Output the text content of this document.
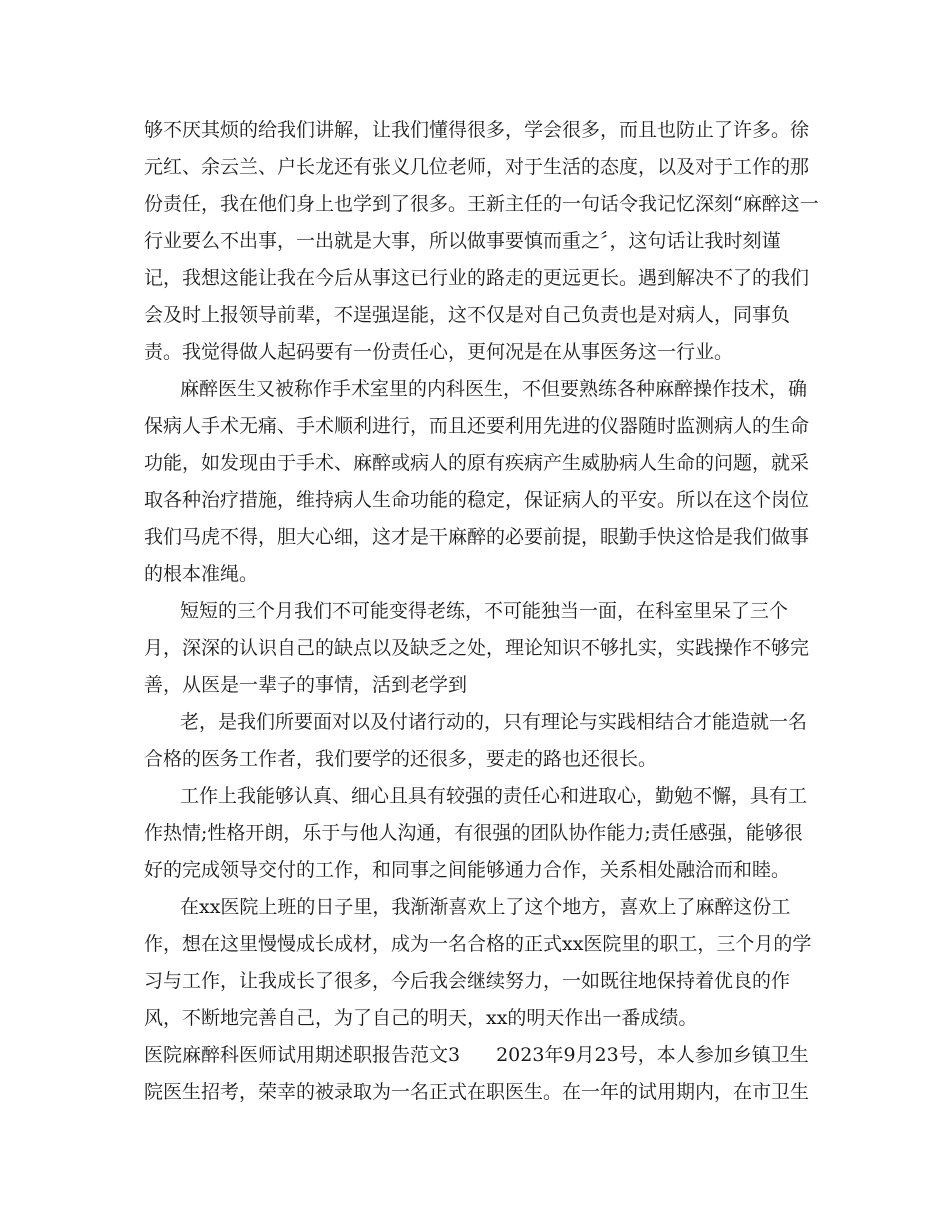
够不厌其烦的给我们讲解，让我们懂得很多，学会很多，而且也防止了许多。徐
元红、余云兰、户长龙还有张义几位老师，对于生活的态度，以及对于工作的那
份责任，我在他们身上也学到了很多。王新主任的一句话令我记忆深刻“麻醉这一
行业要么不出事，一出就是大事，所以做事要慎而重之〞，这句话让我时刻谨
记，我想这能让我在今后从事这已行业的路走的更远更长。遇到解决不了的我们
会及时上报领导前辈，不逞强逞能，这不仅是对自己负责也是对病人，同事负
责。我觉得做人起码要有一份责任心，更何况是在从事医务这一行业。
麻醉医生又被称作手术室里的内科医生，不但要熟练各种麻醉操作技术，确
保病人手术无痛、手术顺利进行，而且还要利用先进的仪器随时监测病人的生命
功能，如发现由于手术、麻醉或病人的原有疾病产生威胁病人生命的问题，就采
取各种治疗措施，维持病人生命功能的稳定，保证病人的平安。所以在这个岗位
我们马虎不得，胆大心细，这才是干麻醉的必要前提，眼勤手快这恰是我们做事
的根本准绳。
短短的三个月我们不可能变得老练，不可能独当一面，在科室里呆了三个
月，深深的认识自己的缺点以及缺乏之处，理论知识不够扎实，实践操作不够完
善，从医是一辈子的事情，活到老学到
老，是我们所要面对以及付诸行动的，只有理论与实践相结合才能造就一名
合格的医务工作者，我们要学的还很多，要走的路也还很长。
工作上我能够认真、细心且具有较强的责任心和进取心，勤勉不懈，具有工
作热情;性格开朗，乐于与他人沟通，有很强的团队协作能力;责任感强，能够很
好的完成领导交付的工作，和同事之间能够通力合作，关系相处融洽而和睦。
在xx医院上班的日子里，我渐渐喜欢上了这个地方，喜欢上了麻醉这份工
作，想在这里慢慢成长成材，成为一名合格的正式xx医院里的职工，三个月的学
习与工作，让我成长了很多，今后我会继续努力，一如既往地保持着优良的作
风，不断地完善自己，为了自己的明天，xx的明天作出一番成绩。
医院麻醉科医师试用期述职报告范文3 2023年9月23号，本人参加乡镇卫生
院医生招考，荣幸的被录取为一名正式在职医生。在一年的试用期内，在市卫生
